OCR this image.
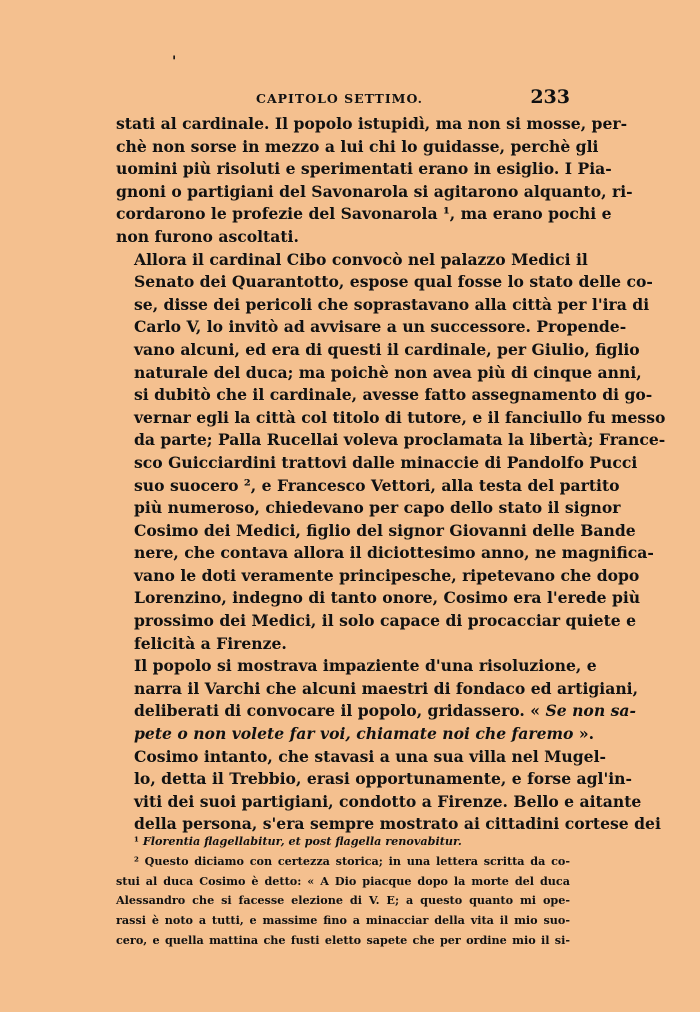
'
CAPITOLO SETTIMO.	233

stati al cardinale. Il popolo istupidì, ma non si mosse, per-
chè non sorse in mezzo a lui chi lo guidasse, perchè gli
uomini più risoluti e sperimentati erano in esiglio. I Pia-
gnoni o partigiani del Savonarola si agitarono alquanto, ri-
cordarono le profezie del Savonarola ¹, ma erano pochi e
non furono ascoltati.

Allora il cardinal Cibo convocò nel palazzo Medici il
Senato dei Quarantotto, espose qual fosse lo stato delle co-
se, disse dei pericoli che soprastavano alla città per l'ira di
Carlo V, lo invitò ad avvisare a un successore. Propende-
vano alcuni, ed era di questi il cardinale, per Giulio, figlio
naturale del duca; ma poichè non avea più di cinque anni,
si dubitò che il cardinale, avesse fatto assegnamento di go-
vernar egli la città col titolo di tutore, e il fanciullo fu messo
da parte; Palla Rucellai voleva proclamata la libertà; France-
sco Guicciardini trattovi dalle minaccie di Pandolfo Pucci
suo suocero ², e Francesco Vettori, alla testa del partito
più numeroso, chiedevano per capo dello stato il signor
Cosimo dei Medici, figlio del signor Giovanni delle Bande
nere, che contava allora il diciottesimo anno, ne magnifica-
vano le doti veramente principesche, ripetevano che dopo
Lorenzino, indegno di tanto onore, Cosimo era l'erede più
prossimo dei Medici, il solo capace di procacciar quiete e
felicità a Firenze.

Il popolo si mostrava impaziente d'una risoluzione, e
narra il Varchi che alcuni maestri di fondaco ed artigiani,
deliberati di convocare il popolo, gridassero. « Se non sa-
pete o non volete far voi, chiamate noi che faremo ».

Cosimo intanto, che stavasi a una sua villa nel Mugel-
lo, detta il Trebbio, erasi opportunamente, e forse agl'in-
viti dei suoi partigiani, condotto a Firenze. Bello e aitante
della persona, s'era sempre mostrato ai cittadini cortese dei

¹ Florentia flagellabitur, et post flagella renovabitur.

² Questo diciamo con certezza storica; in una lettera scritta da co-
stui al duca Cosimo è detto: « A Dio piacque dopo la morte del duca
Alessandro che si facesse elezione di V. E; a questo quanto mi ope-
rassi è noto a tutti, e massime fino a minacciar della vita il mio suo-
cero, e quella mattina che fusti eletto sapete che per ordine mio il si-
